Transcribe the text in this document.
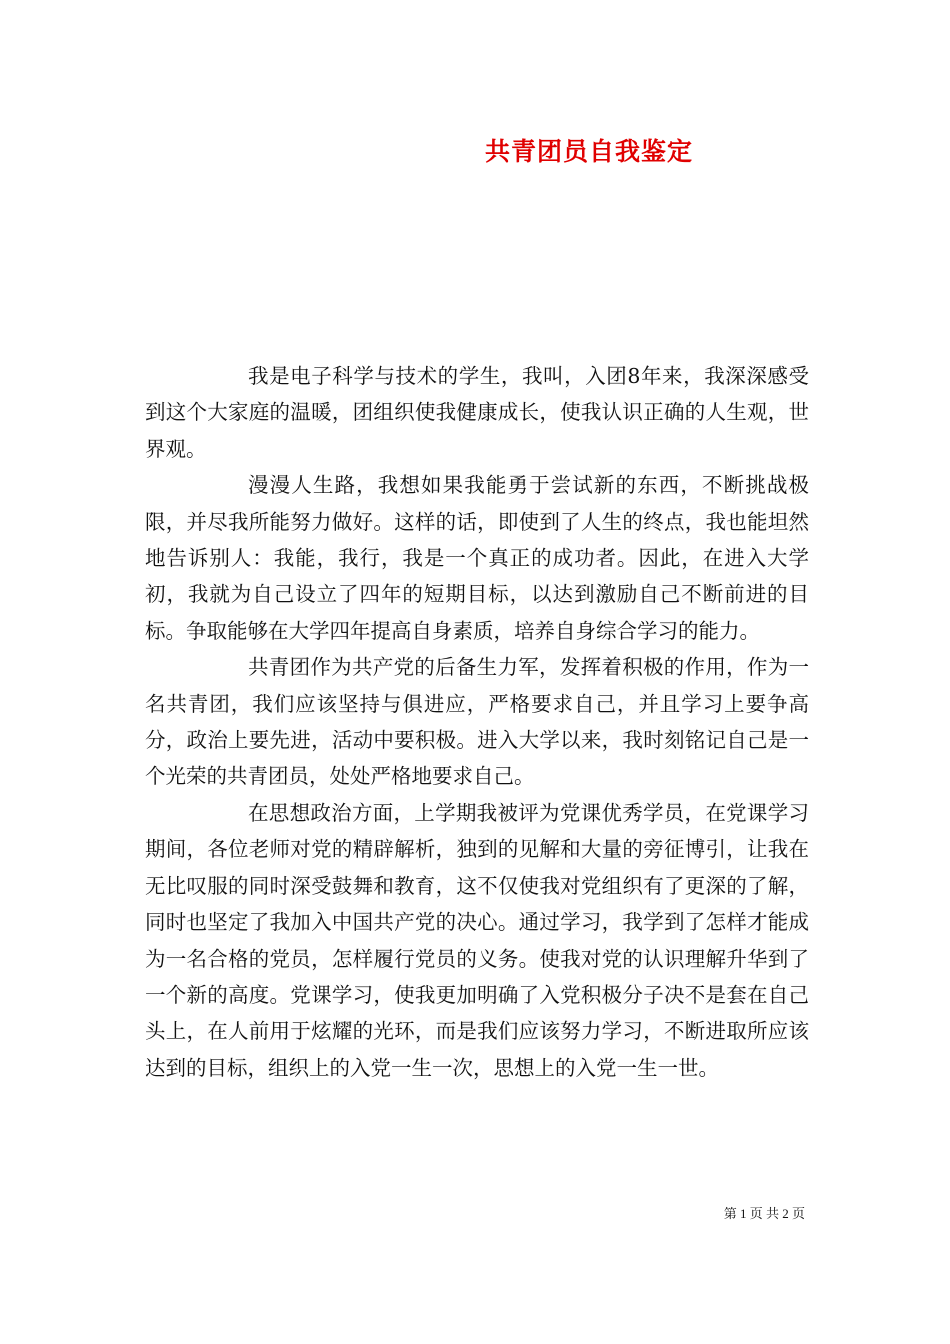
共青团员自我鉴定

我是电子科学与技术的学生，我叫，入团8年来，我深深感受到这个大家庭的温暖，团组织使我健康成长，使我认识正确的人生观，世界观。

漫漫人生路，我想如果我能勇于尝试新的东西，不断挑战极限，并尽我所能努力做好。这样的话，即使到了人生的终点，我也能坦然地告诉别人：我能，我行，我是一个真正的成功者。因此，在进入大学初，我就为自己设立了四年的短期目标，以达到激励自己不断前进的目标。争取能够在大学四年提高自身素质，培养自身综合学习的能力。

共青团作为共产党的后备生力军，发挥着积极的作用，作为一名共青团，我们应该坚持与俱进应，严格要求自己，并且学习上要争高分，政治上要先进，活动中要积极。进入大学以来，我时刻铭记自己是一个光荣的共青团员，处处严格地要求自己。

在思想政治方面，上学期我被评为党课优秀学员，在党课学习期间，各位老师对党的精辟解析，独到的见解和大量的旁征博引，让我在无比叹服的同时深受鼓舞和教育，这不仅使我对党组织有了更深的了解，同时也坚定了我加入中国共产党的决心。通过学习，我学到了怎样才能成为一名合格的党员，怎样履行党员的义务。使我对党的认识理解升华到了一个新的高度。党课学习，使我更加明确了入党积极分子决不是套在自己头上，在人前用于炫耀的光环，而是我们应该努力学习，不断进取所应该达到的目标，组织上的入党一生一次，思想上的入党一生一世。

第 1 页 共 2 页
